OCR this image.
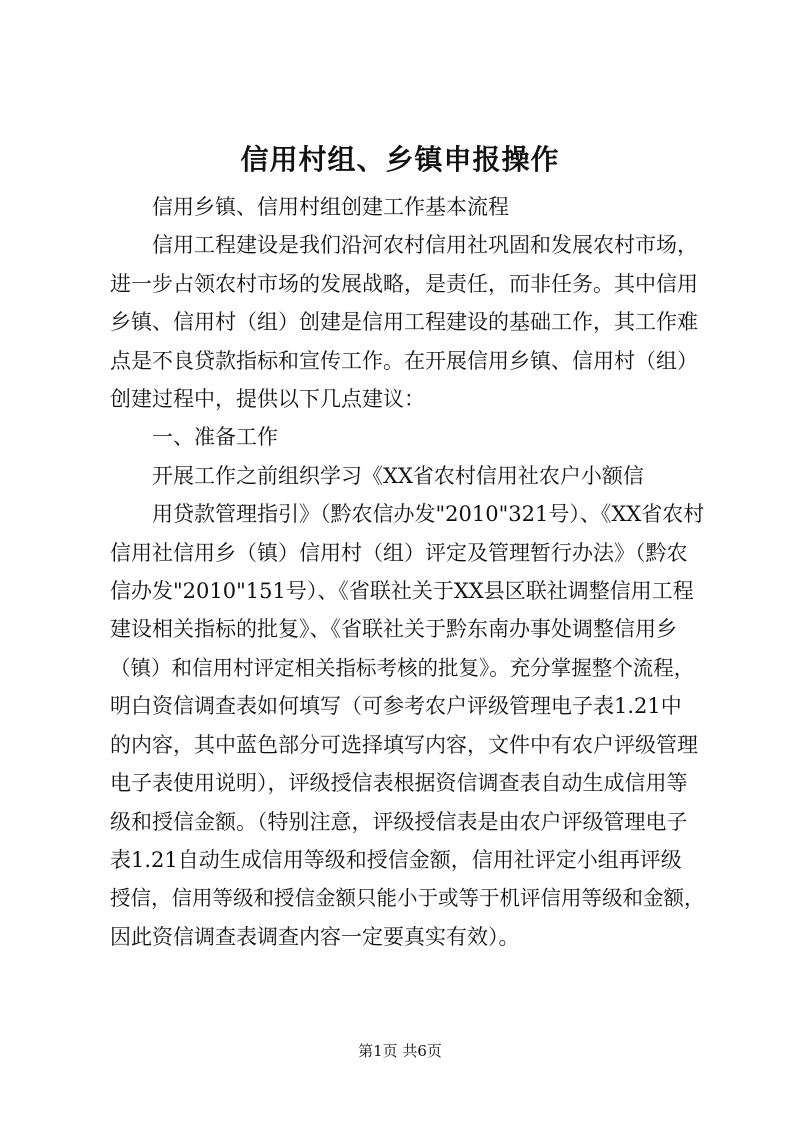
信用村组、乡镇申报操作
信用乡镇、信用村组创建工作基本流程
信用工程建设是我们沿河农村信用社巩固和发展农村市场，
进一步占领农村市场的发展战略，是责任，而非任务。其中信用
乡镇、信用村（组）创建是信用工程建设的基础工作，其工作难
点是不良贷款指标和宣传工作。在开展信用乡镇、信用村（组）
创建过程中，提供以下几点建议：
一、准备工作
开展工作之前组织学习《XX省农村信用社农户小额信
用贷款管理指引》（黔农信办发"2010"321号）、《XX省农村
信用社信用乡（镇）信用村（组）评定及管理暂行办法》（黔农
信办发"2010"151号）、《省联社关于XX县区联社调整信用工程
建设相关指标的批复》、《省联社关于黔东南办事处调整信用乡
（镇）和信用村评定相关指标考核的批复》。充分掌握整个流程，
明白资信调查表如何填写（可参考农户评级管理电子表1.21中
的内容，其中蓝色部分可选择填写内容，文件中有农户评级管理
电子表使用说明），评级授信表根据资信调查表自动生成信用等
级和授信金额。（特别注意，评级授信表是由农户评级管理电子
表1.21自动生成信用等级和授信金额，信用社评定小组再评级
授信，信用等级和授信金额只能小于或等于机评信用等级和金额，
因此资信调查表调查内容一定要真实有效）。
第1页 共6页
